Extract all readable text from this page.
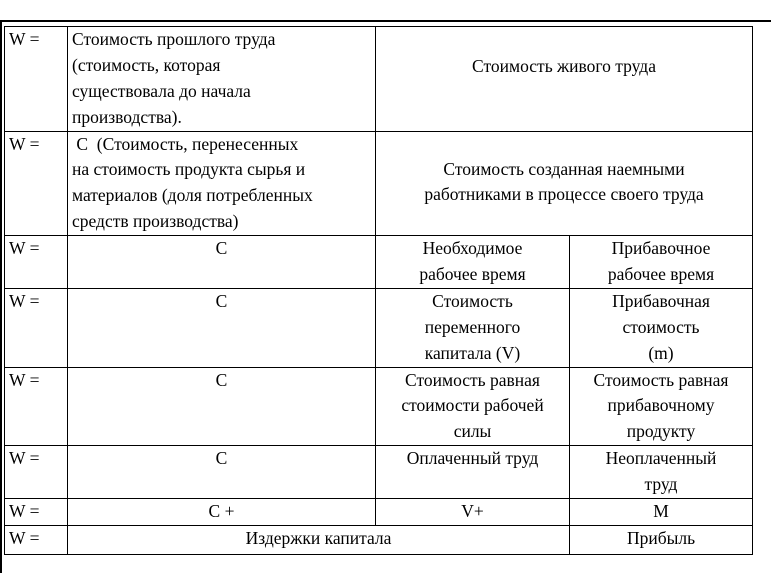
W =	Стоимость прошлого труда
(стоимость, которая
существовала до начала
производства).	Стоимость живого труда	
W =	С  (Стоимость, перенесенных
на стоимость продукта сырья и
материалов (доля потребленных
средств производства)	Стоимость созданная наемными
работниками в процессе своего труда	

W =	С	Необходимое
рабочее время	Прибавочное
рабочее время

W =	С	Стоимость
переменного
капитала (V)	Прибавочная
стоимость
(m)

W =	С	Стоимость равная
стоимости рабочей
силы	Стоимость равная
прибавочному
продукту

W =	С	Оплаченный труд	Неоплаченный
труд

W =	С +	V+	М
W =	Издержки капитала		Прибыль
